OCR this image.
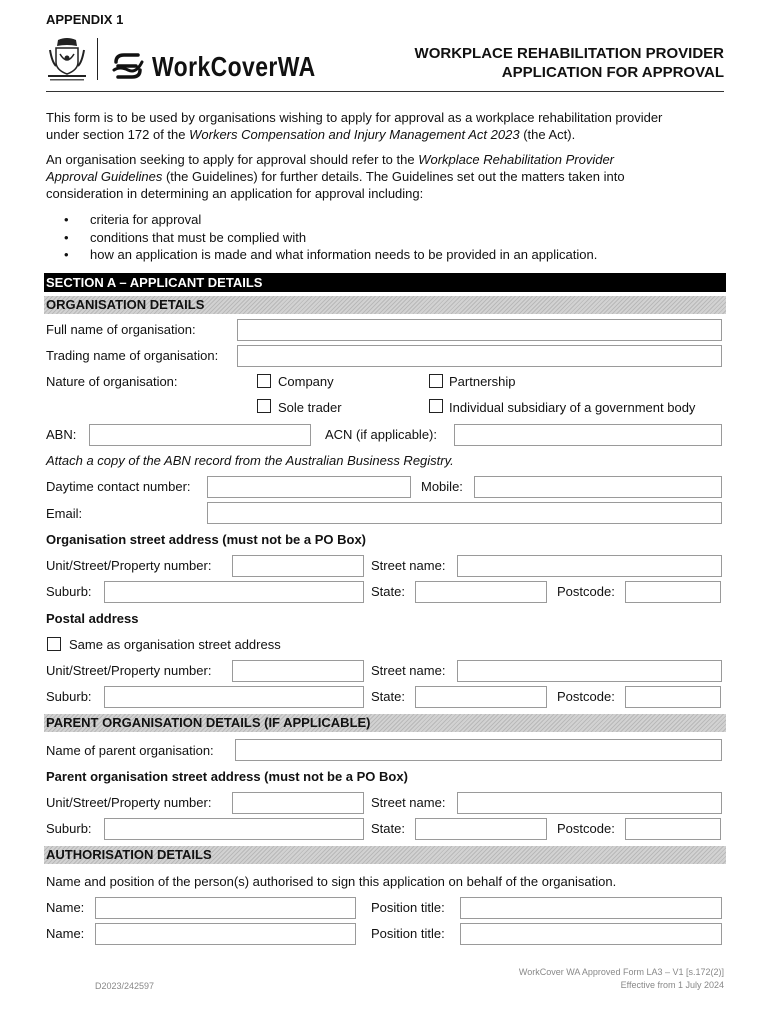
APPENDIX 1
WorkCoverWA	WORKPLACE REHABILITATION PROVIDER
APPLICATION FOR APPROVAL
This form is to be used by organisations wishing to apply for approval as a workplace rehabilitation provider
under section 172 of the Workers Compensation and Injury Management Act 2023 (the Act).
An organisation seeking to apply for approval should refer to the Workplace Rehabilitation Provider
Approval Guidelines (the Guidelines) for further details. The Guidelines set out the matters taken into
consideration in determining an application for approval including:
• criteria for approval
• conditions that must be complied with
• how an application is made and what information needs to be provided in an application.
SECTION A – APPLICANT DETAILS
ORGANISATION DETAILS
Full name of organisation:
Trading name of organisation:
Nature of organisation:	Company	Partnership
Sole trader	Individual subsidiary of a government body
ABN:	ACN (if applicable):
Attach a copy of the ABN record from the Australian Business Registry.
Daytime contact number:	Mobile:
Email:
Organisation street address (must not be a PO Box)
Unit/Street/Property number:	Street name:
Suburb:	State:	Postcode:
Postal address
Same as organisation street address
Unit/Street/Property number:	Street name:
Suburb:	State:	Postcode:
PARENT ORGANISATION DETAILS (IF APPLICABLE)
Name of parent organisation:
Parent organisation street address (must not be a PO Box)
Unit/Street/Property number:	Street name:
Suburb:	State:	Postcode:
AUTHORISATION DETAILS
Name and position of the person(s) authorised to sign this application on behalf of the organisation.
Name:	Position title:
Name:	Position title:
D2023/242597
WorkCover WA Approved Form LA3 – V1 [s.172(2)]
Effective from 1 July 2024
